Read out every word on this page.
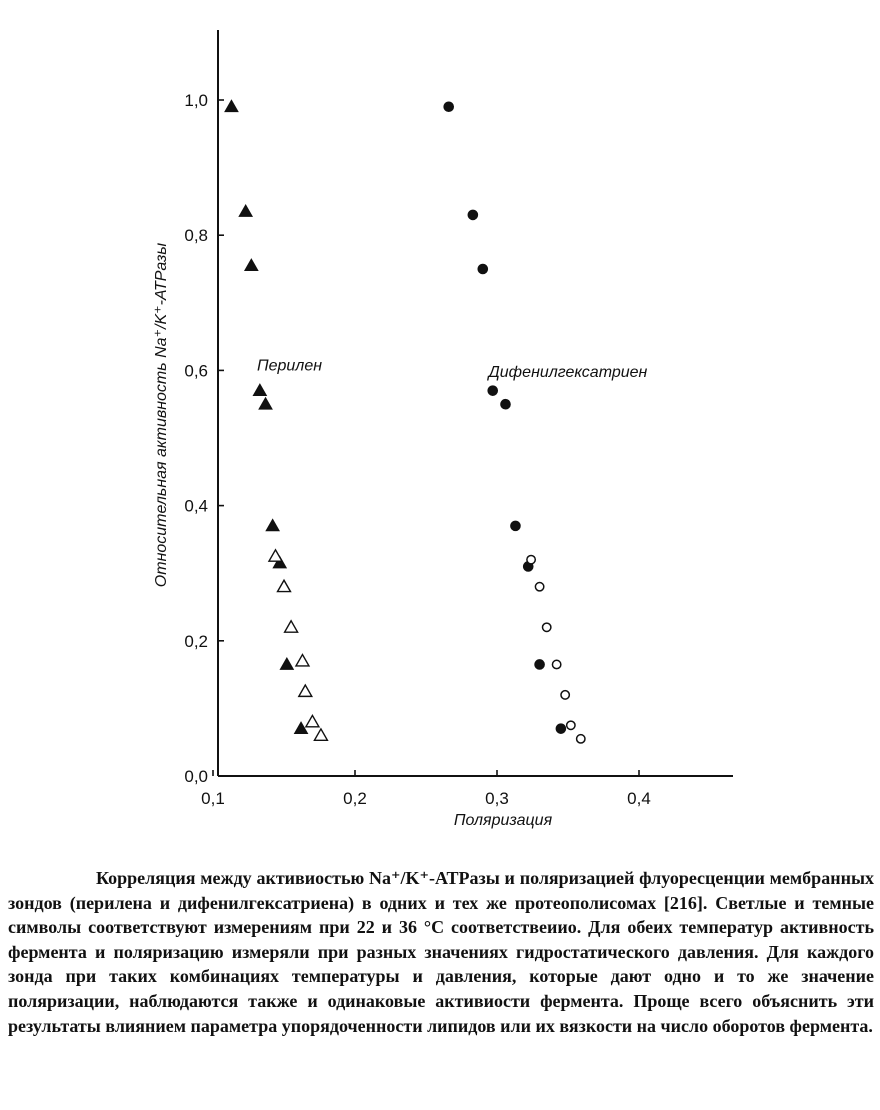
0,1	0,2	0,3	0,4
0,0
0,2
0,4
0,6
0,8
1,0
Поляризация
Относительная активность Na⁺/K⁺-АТРазы	Перилен	Дифенилгексатриен

Корреляция между активиостью Na⁺/K⁺-АТРазы и поляризацией флуоресценции мембранных зондов (перилена и дифенилгексатриена) в одних и тех же протеополисомах [216]. Светлые и темные символы соответствуют измерениям при 22 и 36 °С соответствеиио. Для обеих температур активность фермента и поляризацию измеряли при разных значениях гидростатического давления. Для каждого зонда при таких комбинациях температуры и давления, которые дают одно и то же значение поляризации, наблюдаются также и одинаковые активиости фермента. Проще всего объяснить эти результаты влиянием параметра упорядоченности липидов или их вязкости на число оборотов фермента.
